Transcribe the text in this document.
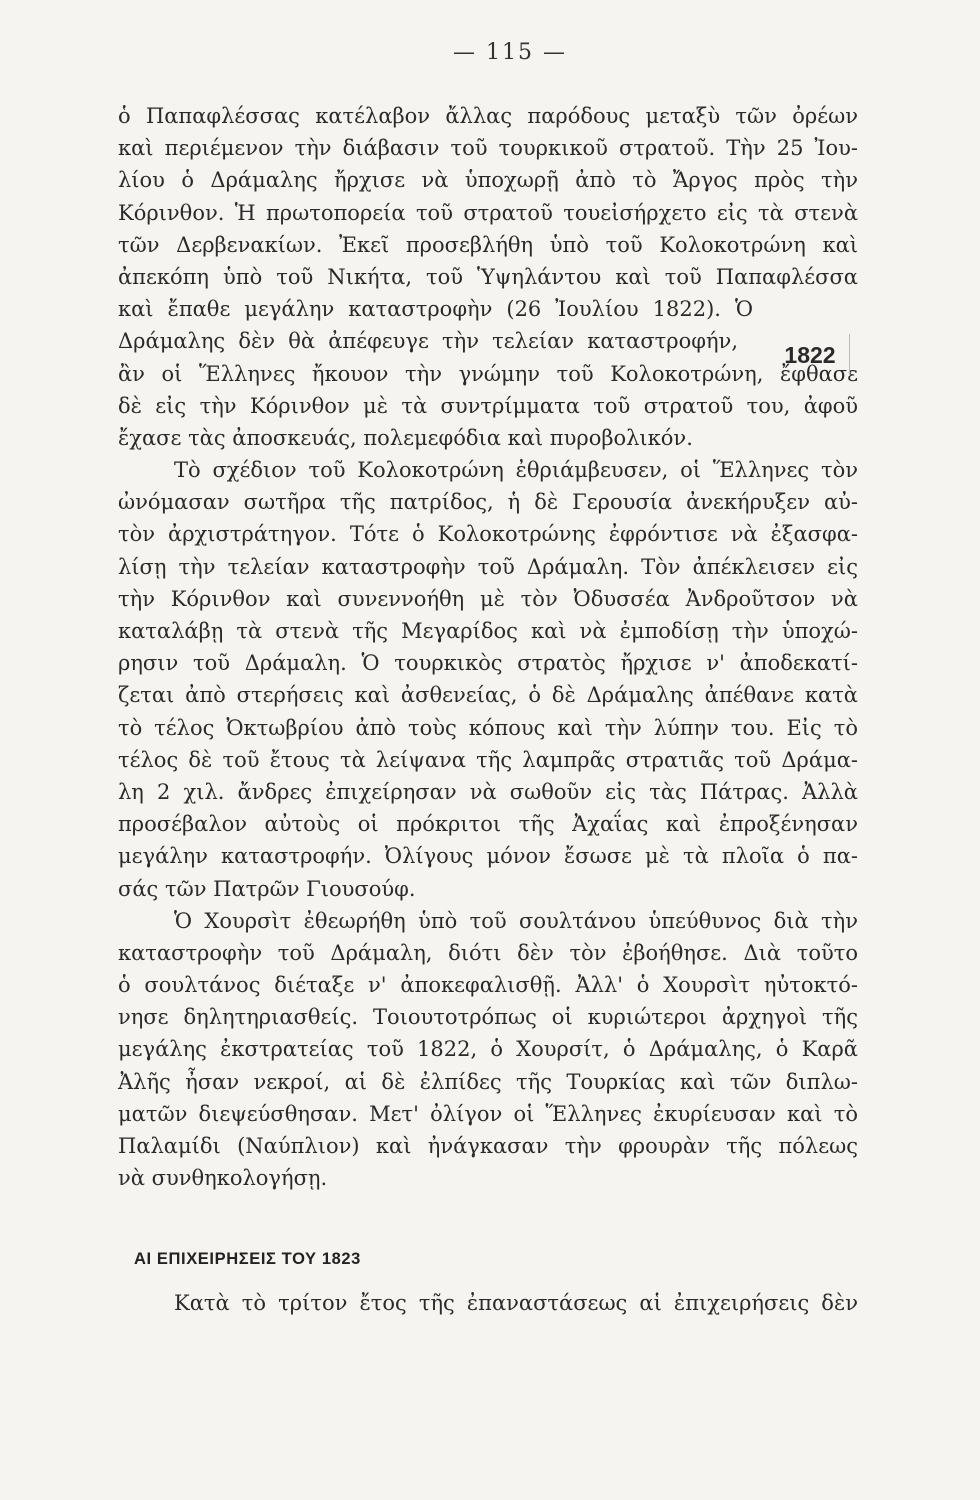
— 115 —
ὁ Παπαφλέσσας κατέλαβον ἄλλας παρόδους μεταξὺ τῶν ὀρέων
καὶ περιέμενον τὴν διάβασιν τοῦ τουρκικοῦ στρατοῦ. Τὴν 25 Ἰου-
λίου ὁ Δράμαλης ἤρχισε νὰ ὑποχωρῇ ἀπὸ τὸ Ἄργος πρὸς τὴν
Κόρινθον. Ἡ πρωτοπορεία τοῦ στρατοῦ τουεἰσήρχετο εἰς τὰ στενὰ
τῶν Δερβενακίων. Ἐκεῖ προσεβλήθη ὑπὸ τοῦ Κολοκοτρώνη καὶ
ἀπεκόπη ὑπὸ τοῦ Νικήτα, τοῦ Ὑψηλάντου καὶ τοῦ Παπαφλέσσα
καὶ ἔπαθε μεγάλην καταστροφὴν (26 Ἰουλίου 1822). Ὁ
Δράμαλης δὲν θὰ ἀπέφευγε τὴν τελείαν καταστροφήν,
ἂν οἱ Ἕλληνες ἤκουον τὴν γνώμην τοῦ Κολοκοτρώνη, ἔφθασε
δὲ εἰς τὴν Κόρινθον μὲ τὰ συντρίμματα τοῦ στρατοῦ του, ἀφοῦ
ἔχασε τὰς ἀποσκευάς, πολεμεφόδια καὶ πυροβολικόν.
Τὸ σχέδιον τοῦ Κολοκοτρώνη ἐθριάμβευσεν, οἱ Ἕλληνες τὸν
ὠνόμασαν σωτῆρα τῆς πατρίδος, ἡ δὲ Γερουσία ἀνεκήρυξεν αὐ-
τὸν ἀρχιστράτηγον. Τότε ὁ Κολοκοτρώνης ἐφρόντισε νὰ ἐξασφα-
λίσῃ τὴν τελείαν καταστροφὴν τοῦ Δράμαλη. Τὸν ἀπέκλεισεν εἰς
τὴν Κόρινθον καὶ συνεννοήθη μὲ τὸν Ὀδυσσέα Ἀνδροῦτσον νὰ
καταλάβῃ τὰ στενὰ τῆς Μεγαρίδος καὶ νὰ ἐμποδίσῃ τὴν ὑποχώ-
ρησιν τοῦ Δράμαλη. Ὁ τουρκικὸς στρατὸς ἤρχισε ν' ἀποδεκατί-
ζεται ἀπὸ στερήσεις καὶ ἀσθενείας, ὁ δὲ Δράμαλης ἀπέθανε κατὰ
τὸ τέλος Ὀκτωβρίου ἀπὸ τοὺς κόπους καὶ τὴν λύπην του. Εἰς τὸ
τέλος δὲ τοῦ ἔτους τὰ λείψανα τῆς λαμπρᾶς στρατιᾶς τοῦ Δράμα-
λη 2 χιλ. ἄνδρες ἐπιχείρησαν νὰ σωθοῦν εἰς τὰς Πάτρας. Ἀλλὰ
προσέβαλον αὐτοὺς οἱ πρόκριτοι τῆς Ἀχαΐας καὶ ἐπροξένησαν
μεγάλην καταστροφήν. Ὀλίγους μόνον ἔσωσε μὲ τὰ πλοῖα ὁ πα-
σάς τῶν Πατρῶν Γιουσούφ.
Ὁ Χουρσὶτ ἐθεωρήθη ὑπὸ τοῦ σουλτάνου ὑπεύθυνος διὰ τὴν
καταστροφὴν τοῦ Δράμαλη, διότι δὲν τὸν ἐβοήθησε. Διὰ τοῦτο
ὁ σουλτάνος διέταξε ν' ἀποκεφαλισθῇ. Ἀλλ' ὁ Χουρσὶτ ηὐτοκτό-
νησε δηλητηριασθείς. Τοιουτοτρόπως οἱ κυριώτεροι ἀρχηγοὶ τῆς
μεγάλης ἐκστρατείας τοῦ 1822, ὁ Χουρσίτ, ὁ Δράμαλης, ὁ Καρᾶ
Ἀλῆς ἦσαν νεκροί, αἱ δὲ ἐλπίδες τῆς Τουρκίας καὶ τῶν διπλω-
ματῶν διεψεύσθησαν. Μετ' ὀλίγον οἱ Ἕλληνες ἐκυρίευσαν καὶ τὸ
Παλαμίδι (Ναύπλιον) καὶ ἠνάγκασαν τὴν φρουρὰν τῆς πόλεως
νὰ συνθηκολογήσῃ.
1822
ΑΙ ΕΠΙΧΕΙΡΗΣΕΙΣ ΤΟΥ 1823
Κατὰ τὸ τρίτον ἔτος τῆς ἐπαναστάσεως αἱ ἐπιχειρήσεις δὲν
